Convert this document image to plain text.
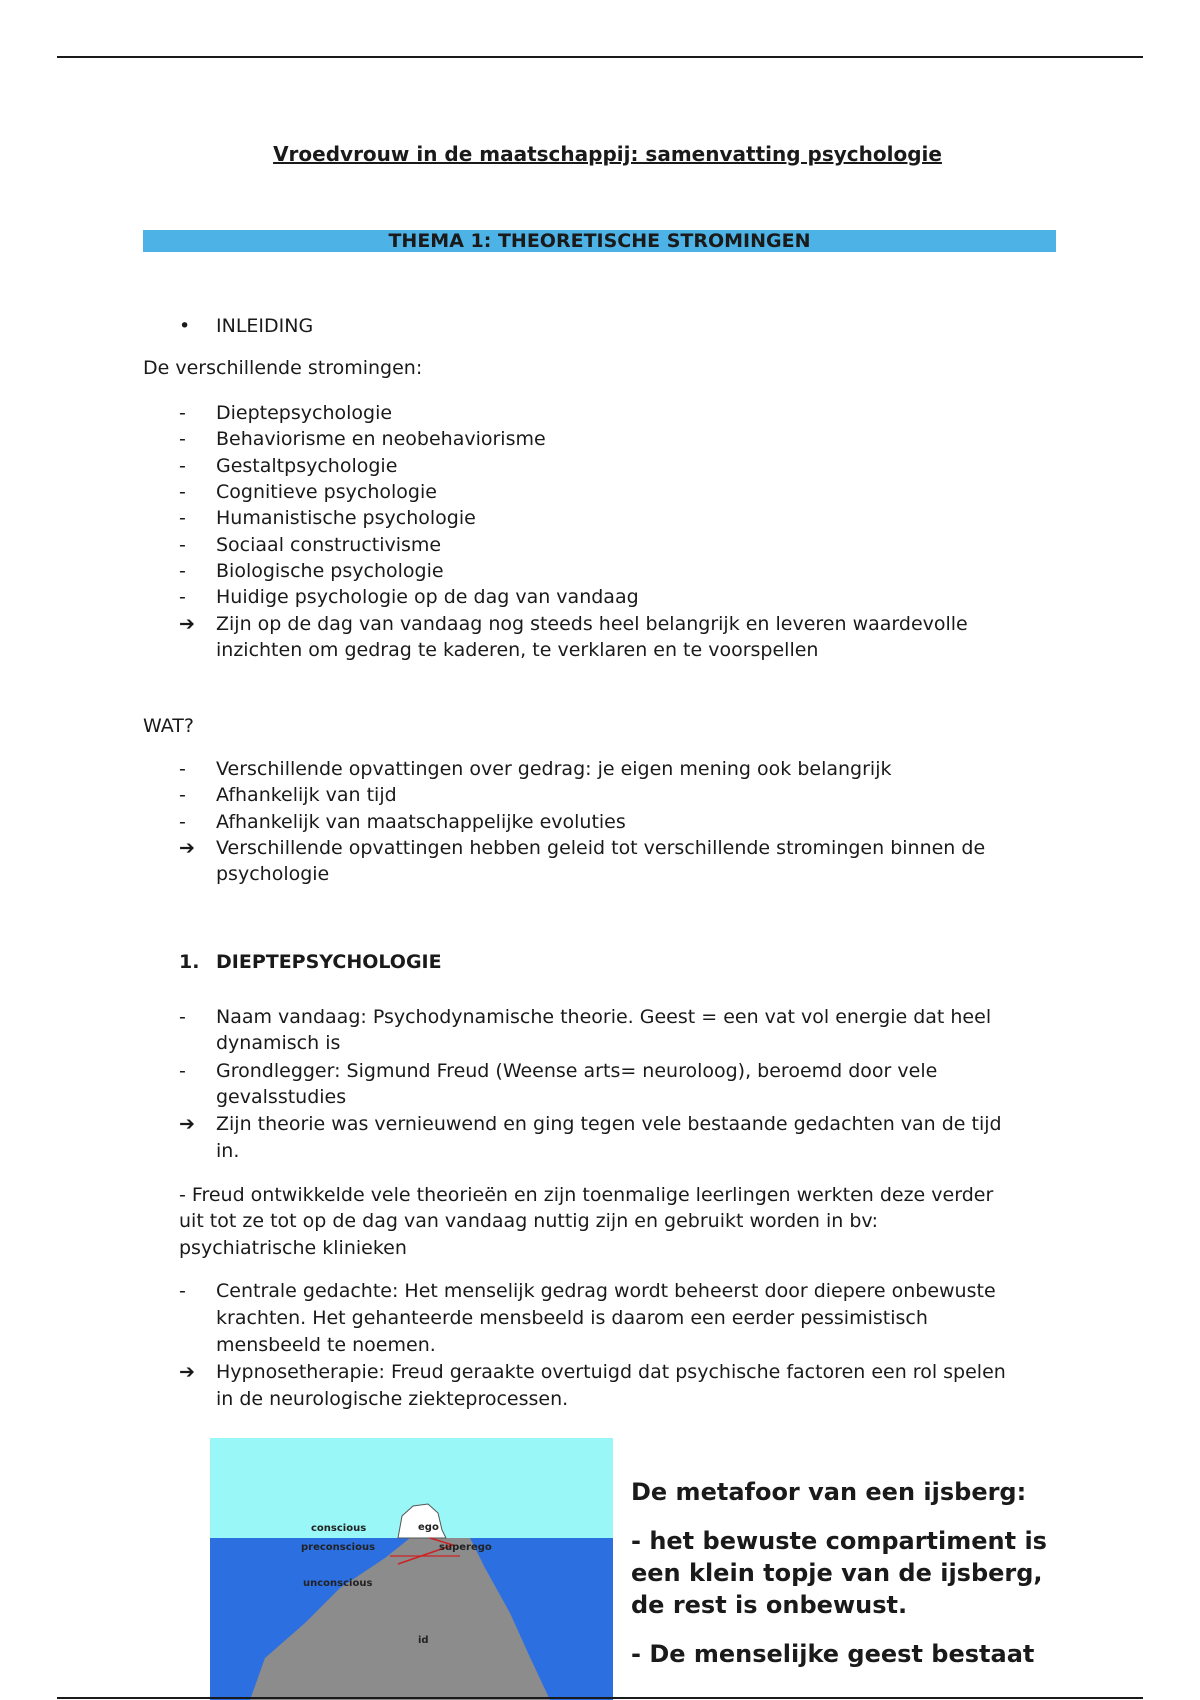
Vroedvrouw in de maatschappij: samenvatting psychologie
THEMA 1: THEORETISCHE STROMINGEN
•	INLEIDING
De verschillende stromingen:
-	Dieptepsychologie
-	Behaviorisme en neobehaviorisme
-	Gestaltpsychologie
-	Cognitieve psychologie
-	Humanistische psychologie
-	Sociaal constructivisme
-	Biologische psychologie
-	Huidige psychologie op de dag van vandaag
➔ Zijn op de dag van vandaag nog steeds heel belangrijk en leveren waardevolle
inzichten om gedrag te kaderen, te verklaren en te voorspellen
WAT?
-	Verschillende opvattingen over gedrag: je eigen mening ook belangrijk
-	Afhankelijk van tijd
-	Afhankelijk van maatschappelijke evoluties
➔ Verschillende opvattingen hebben geleid tot verschillende stromingen binnen de
psychologie
1. DIEPTEPSYCHOLOGIE
-	Naam vandaag: Psychodynamische theorie. Geest = een vat vol energie dat heel
dynamisch is
-	Grondlegger: Sigmund Freud (Weense arts= neuroloog), beroemd door vele
gevalsstudies
➔ Zijn theorie was vernieuwend en ging tegen vele bestaande gedachten van de tijd
in.
- Freud ontwikkelde vele theorieën en zijn toenmalige leerlingen werkten deze verder
uit tot ze tot op de dag van vandaag nuttig zijn en gebruikt worden in bv:
psychiatrische klinieken
-	Centrale gedachte: Het menselijk gedrag wordt beheerst door diepere onbewuste
krachten. Het gehanteerde mensbeeld is daarom een eerder pessimistisch
mensbeeld te noemen.
➔ Hypnosetherapie: Freud geraakte overtuigd dat psychische factoren een rol spelen
in de neurologische ziekteprocessen.
ego
conscious
preconscious	superego
unconscious
id
De metafoor van een ijsberg:
- het bewuste compartiment is
een klein topje van de ijsberg,
de rest is onbewust.
- De menselijke geest bestaat
